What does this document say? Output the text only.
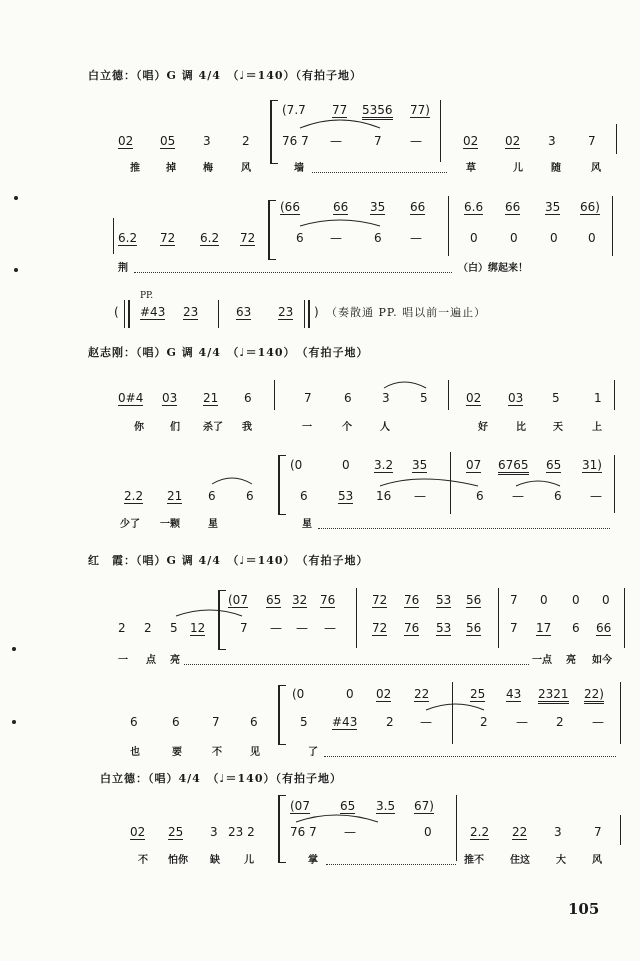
白立德：（唱）G 调 4/4　（♩＝140）（有拍子地）
(7.7 77 5356 77)
02 05 3	2	76 7 —	7 —	02 02 3	7
推	掉	梅	风	墙	草	儿	随	风
(66	66 35 66	6.6 66 35 66)
6.2 72 6.2 72	6 —	6 —	0	0	0	0
荆	（白）绑起来！
(
PP.
#43 23	63 23 ) （奏散通 PP. 唱以前一遍止）
赵志刚：（唱）G 调 4/4　（♩＝140）　（有拍子地）
0#4 03 21 6	7	6	3	5	02 03 5	1
你	们 杀了 我	一	个	人	好	比	天	上
(0	0 3.2 35	07 6765 65 31)
2.2 21 6	6	6	53 16 —	6 —	6 —
少了 一颗	星	星
红　霞：（唱）G 调 4/4　（♩＝140）　（有拍子地）
(07 65 32 76	72 76 53 56 7 0 0 0
2 2 5 12	7 — — —	72 76 53 56 7 17 6 66
一 点 亮	一点 亮 如今
(0	0 02 22	25 43 2321 22)
6	6	7	6	5 #43 2 —	2 — 2 —
也	要	不	见	了
白立德：（唱）4/4　（♩＝140）（有拍子地）
(07	65 3.5 67)
02 25 3 23 2	76 7 —	0	2.2 22 3	7
不 怕你 缺 儿	掌	推不	住这	大	风
105
